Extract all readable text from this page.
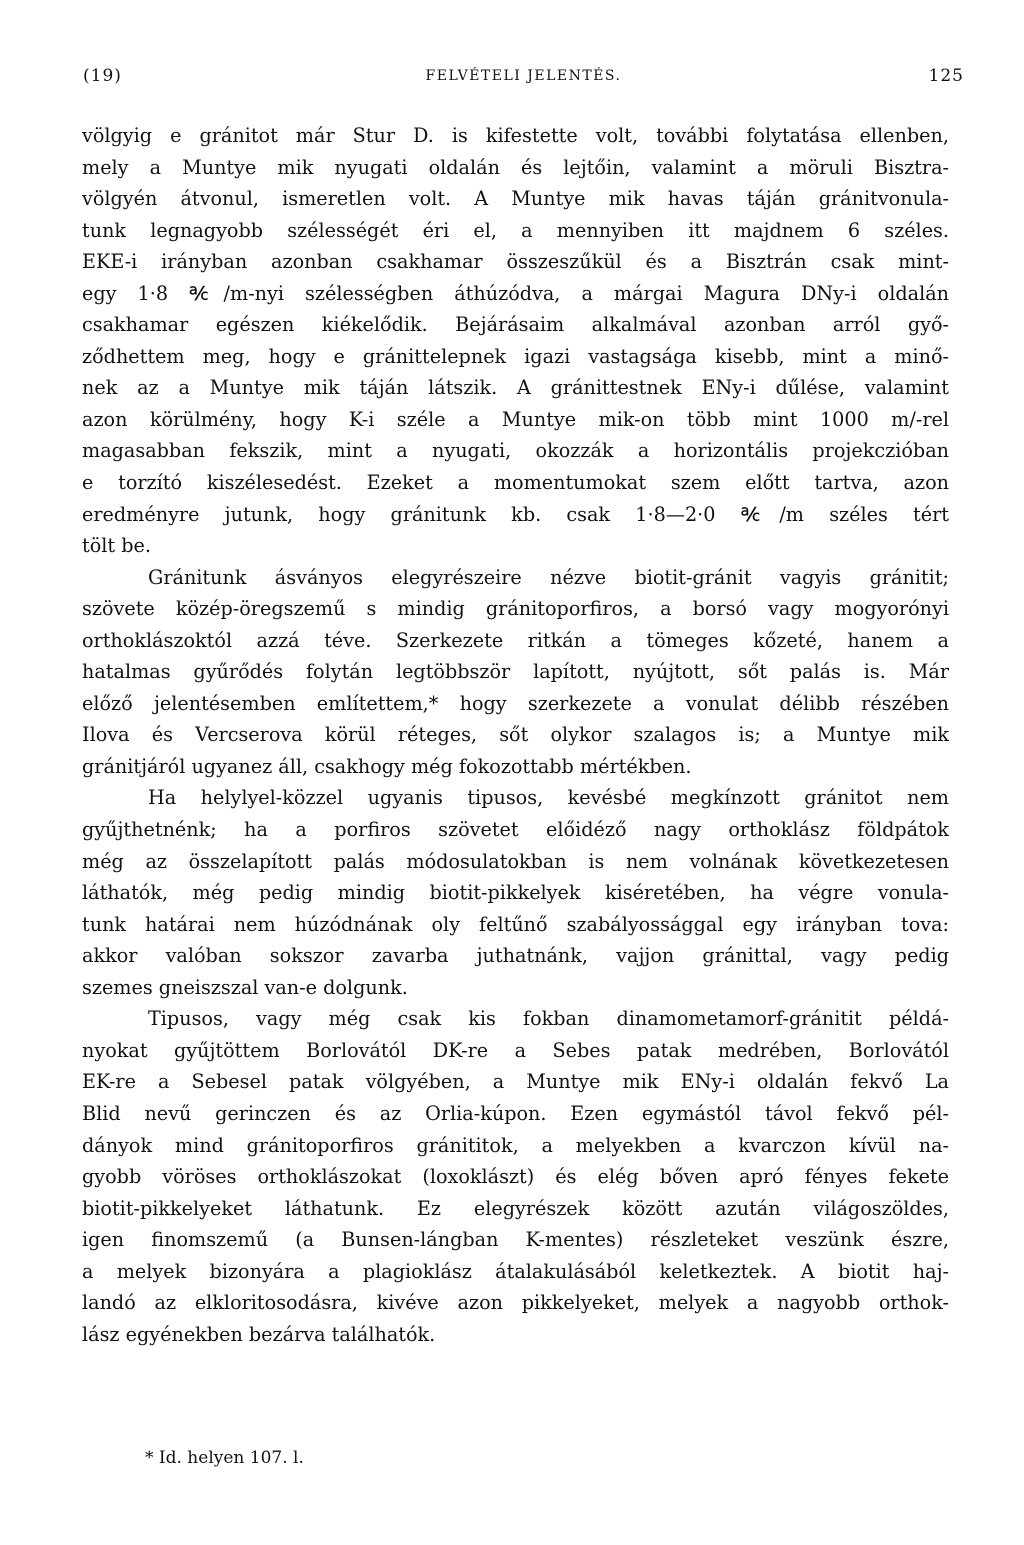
(19)	FELVÉTELI JELENTÉS.	125
völgyig e gránitot már Stur D. is kifestette volt, további folytatása ellenben,
mely a Muntye mik nyugati oldalán és lejtőin, valamint a möruli Bisztra-
völgyén átvonul, ismeretlen volt. A Muntye mik havas táján gránitvonula-
tunk legnagyobb szélességét éri el, a mennyiben itt majdnem 6 széles.
EKE-i irányban azonban csakhamar összeszűkül és a Bisztrán csak mint-
egy 1·8 ℀/m-nyi szélességben áthúzódva, a márgai Magura DNy-i oldalán
csakhamar egészen kiékelődik. Bejárásaim alkalmával azonban arról győ-
ződhettem meg, hogy e gránittelepnek igazi vastagsága kisebb, mint a minő-
nek az a Muntye mik táján látszik. A gránittestnek ENy-i dűlése, valamint
azon körülmény, hogy K-i széle a Muntye mik-on több mint 1000 m/-rel
magasabban fekszik, mint a nyugati, okozzák a horizontális projekczióban
e torzító kiszélesedést. Ezeket a momentumokat szem előtt tartva, azon
eredményre jutunk, hogy gránitunk kb. csak 1·8—2·0 ℀/m széles tért
tölt be.
Gránitunk ásványos elegyrészeire nézve biotit-gránit vagyis gránitit;
szövete közép-öregszemű s mindig gránitoporfiros, a borsó vagy mogyorónyi
orthoklászoktól azzá téve. Szerkezete ritkán a tömeges kőzeté, hanem a
hatalmas gyűrődés folytán legtöbbször lapított, nyújtott, sőt palás is. Már
előző jelentésemben említettem,* hogy szerkezete a vonulat délibb részében
Ilova és Vercserova körül réteges, sőt olykor szalagos is; a Muntye mik
gránitjáról ugyanez áll, csakhogy még fokozottabb mértékben.
Ha helylyel-közzel ugyanis tipusos, kevésbé megkínzott gránitot nem
gyűjthetnénk; ha a porfiros szövetet előidéző nagy orthoklász földpátok
még az összelapított palás módosulatokban is nem volnának következetesen
láthatók, még pedig mindig biotit-pikkelyek kiséretében, ha végre vonula-
tunk határai nem húzódnának oly feltűnő szabályossággal egy irányban tova:
akkor valóban sokszor zavarba juthatnánk, vajjon gránittal, vagy pedig
szemes gneiszszal van-e dolgunk.
Tipusos, vagy még csak kis fokban dinamometamorf-gránitit példá-
nyokat gyűjtöttem Borlovától DK-re a Sebes patak medrében, Borlovától
EK-re a Sebesel patak völgyében, a Muntye mik ENy-i oldalán fekvő La
Blid nevű gerinczen és az Orlia-kúpon. Ezen egymástól távol fekvő pél-
dányok mind gránitoporfiros gránititok, a melyekben a kvarczon kívül na-
gyobb vöröses orthoklászokat (loxoklászt) és elég bőven apró fényes fekete
biotit-pikkelyeket láthatunk. Ez elegyrészek között azután világoszöldes,
igen finomszemű (a Bunsen-lángban K-mentes) részleteket veszünk észre,
a melyek bizonyára a plagioklász átalakulásából keletkeztek. A biotit haj-
landó az elkloritosodásra, kivéve azon pikkelyeket, melyek a nagyobb orthok-
lász egyénekben bezárva találhatók.
* Id. helyen 107. l.
